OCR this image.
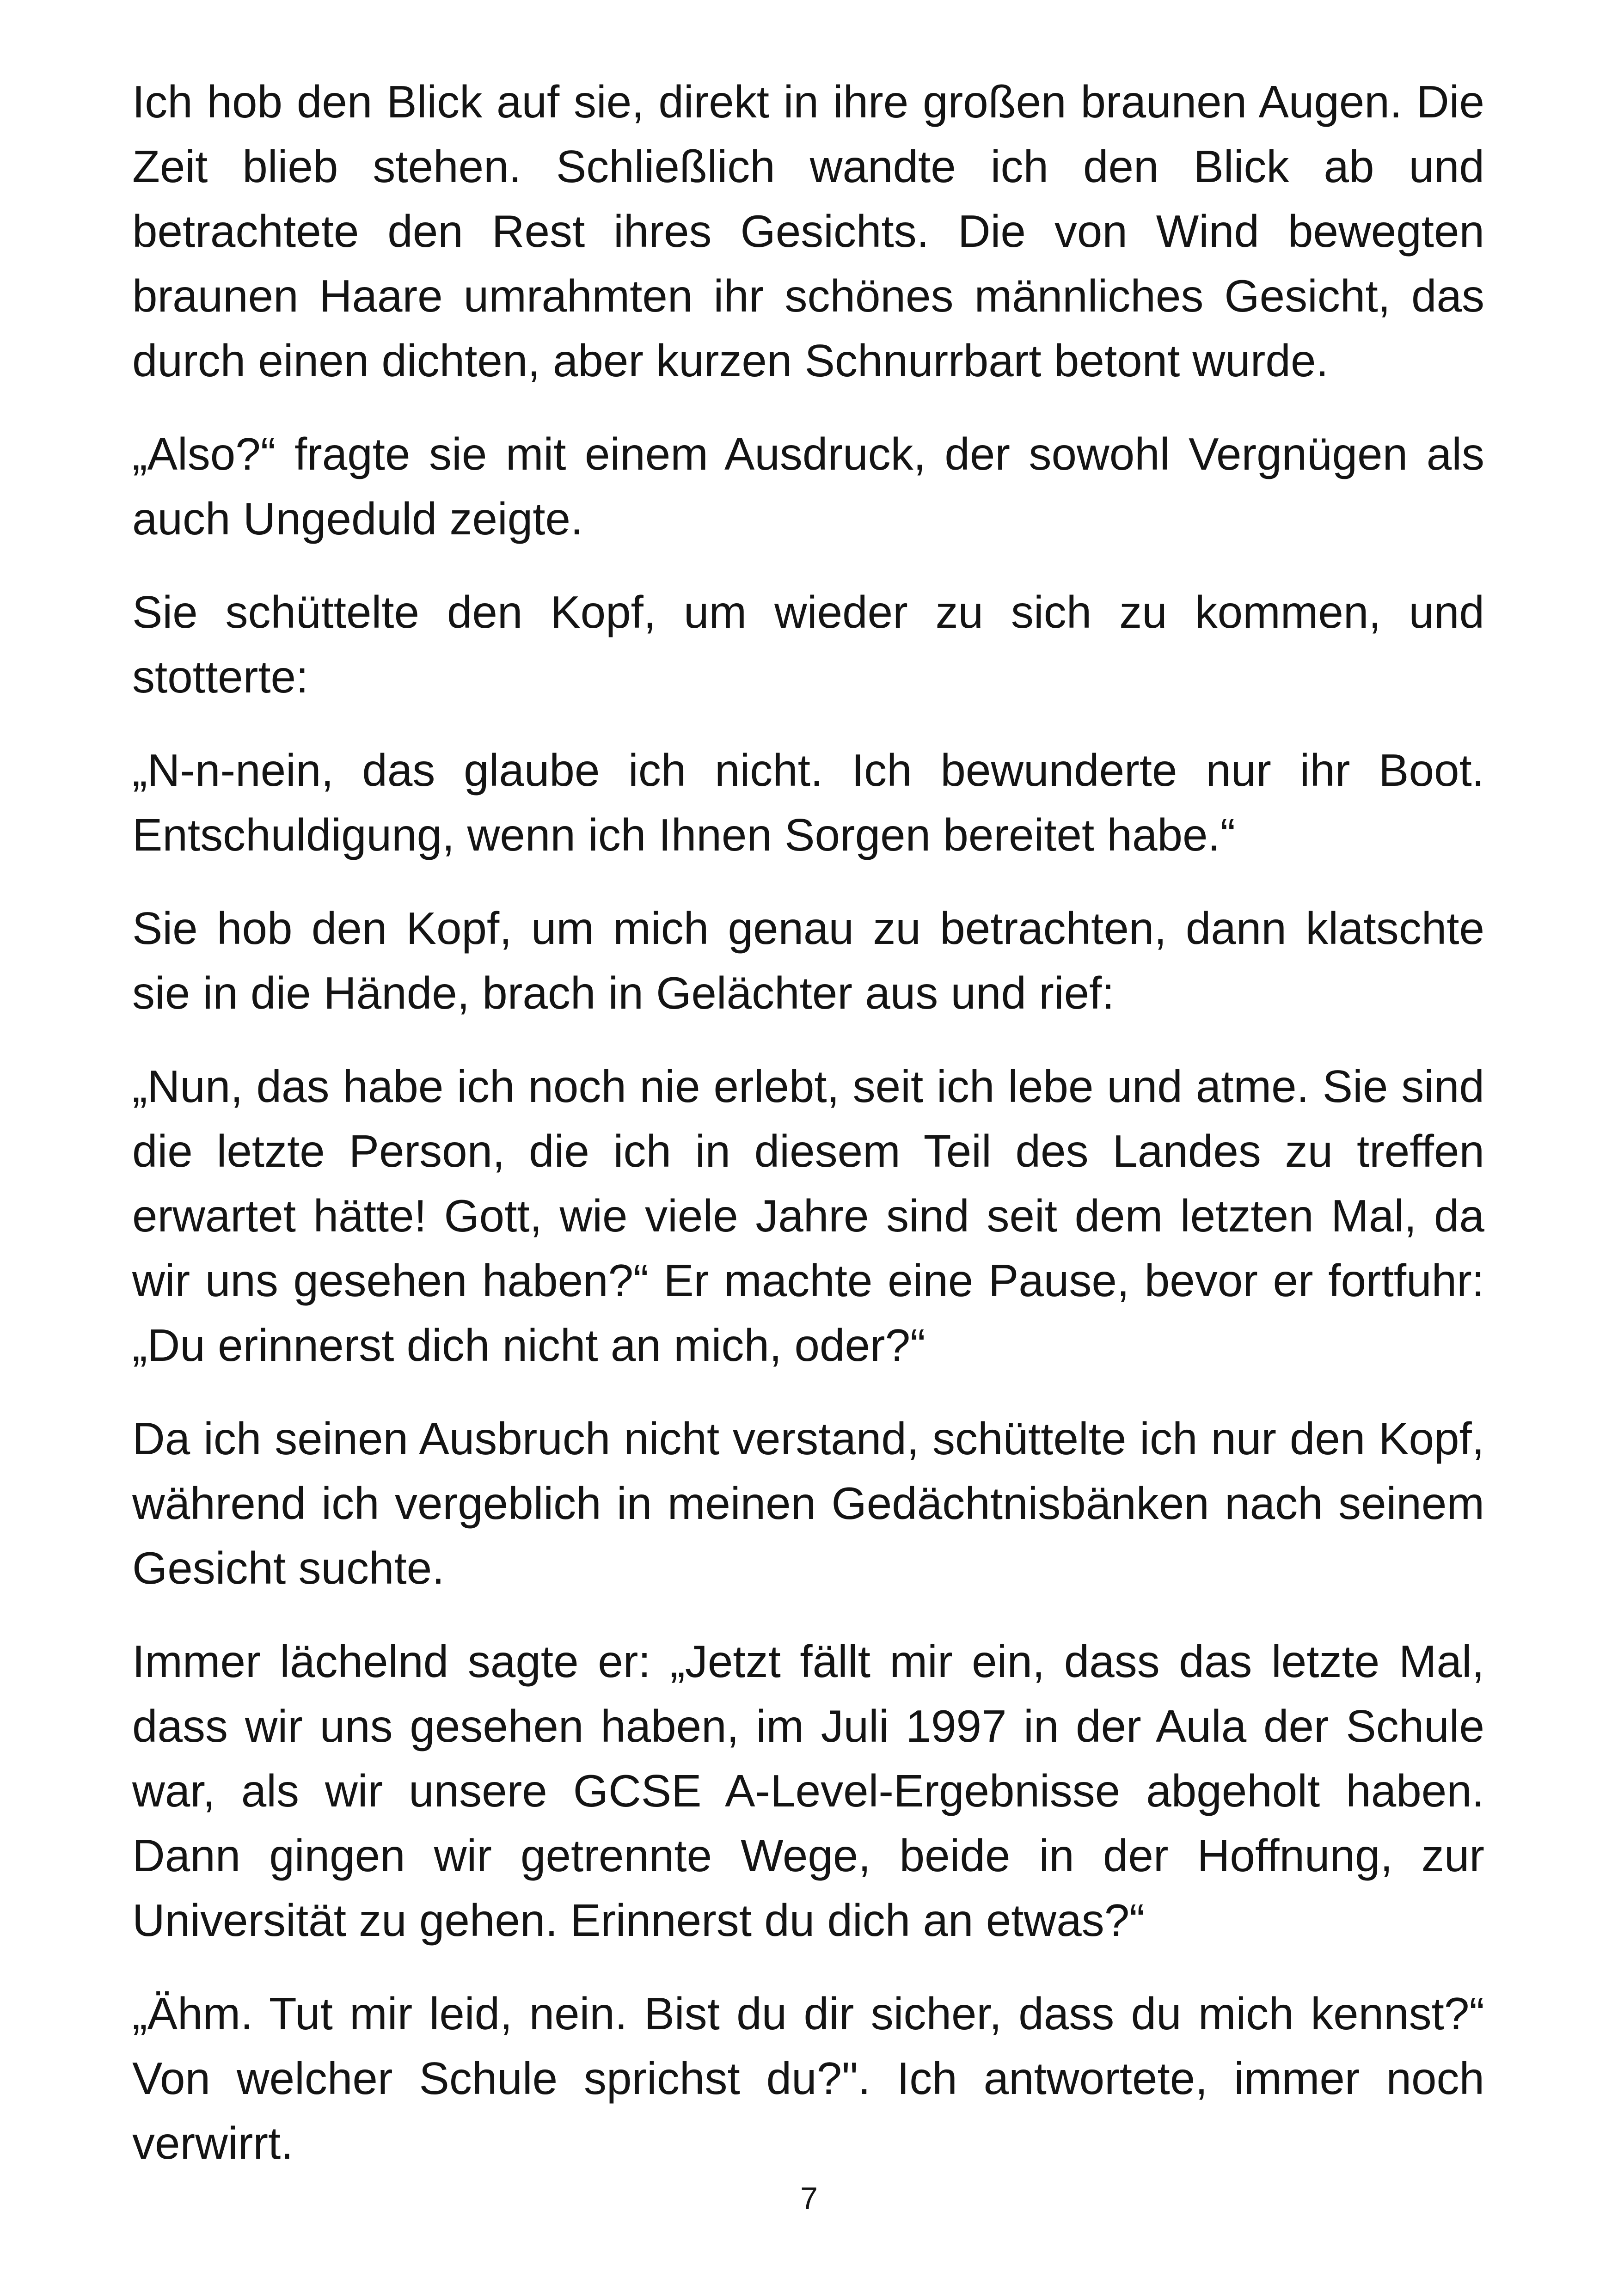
Ich hob den Blick auf sie, direkt in ihre großen braunen Augen. Die Zeit blieb stehen. Schließlich wandte ich den Blick ab und betrachtete den Rest ihres Gesichts. Die von Wind bewegten braunen Haare umrahmten ihr schönes männliches Gesicht, das durch einen dichten, aber kurzen Schnurrbart betont wurde.

„Also?“ fragte sie mit einem Ausdruck, der sowohl Vergnügen als auch Ungeduld zeigte.

Sie schüttelte den Kopf, um wieder zu sich zu kommen, und stotterte:

„N-n-nein, das glaube ich nicht. Ich bewunderte nur ihr Boot. Entschuldigung, wenn ich Ihnen Sorgen bereitet habe.“

Sie hob den Kopf, um mich genau zu betrachten, dann klatschte sie in die Hände, brach in Gelächter aus und rief:

„Nun, das habe ich noch nie erlebt, seit ich lebe und atme. Sie sind die letzte Person, die ich in diesem Teil des Landes zu treffen erwartet hätte! Gott, wie viele Jahre sind seit dem letzten Mal, da wir uns gesehen haben?“ Er machte eine Pause, bevor er fortfuhr: „Du erinnerst dich nicht an mich, oder?“

Da ich seinen Ausbruch nicht verstand, schüttelte ich nur den Kopf, während ich vergeblich in meinen Gedächtnisbänken nach seinem Gesicht suchte.

Immer lächelnd sagte er: „Jetzt fällt mir ein, dass das letzte Mal, dass wir uns gesehen haben, im Juli 1997 in der Aula der Schule war, als wir unsere GCSE A-Level-Ergebnisse abgeholt haben. Dann gingen wir getrennte Wege, beide in der Hoffnung, zur Universität zu gehen. Erinnerst du dich an etwas?“

„Ähm. Tut mir leid, nein. Bist du dir sicher, dass du mich kennst?“ Von welcher Schule sprichst du?". Ich antwortete, immer noch verwirrt.

7
